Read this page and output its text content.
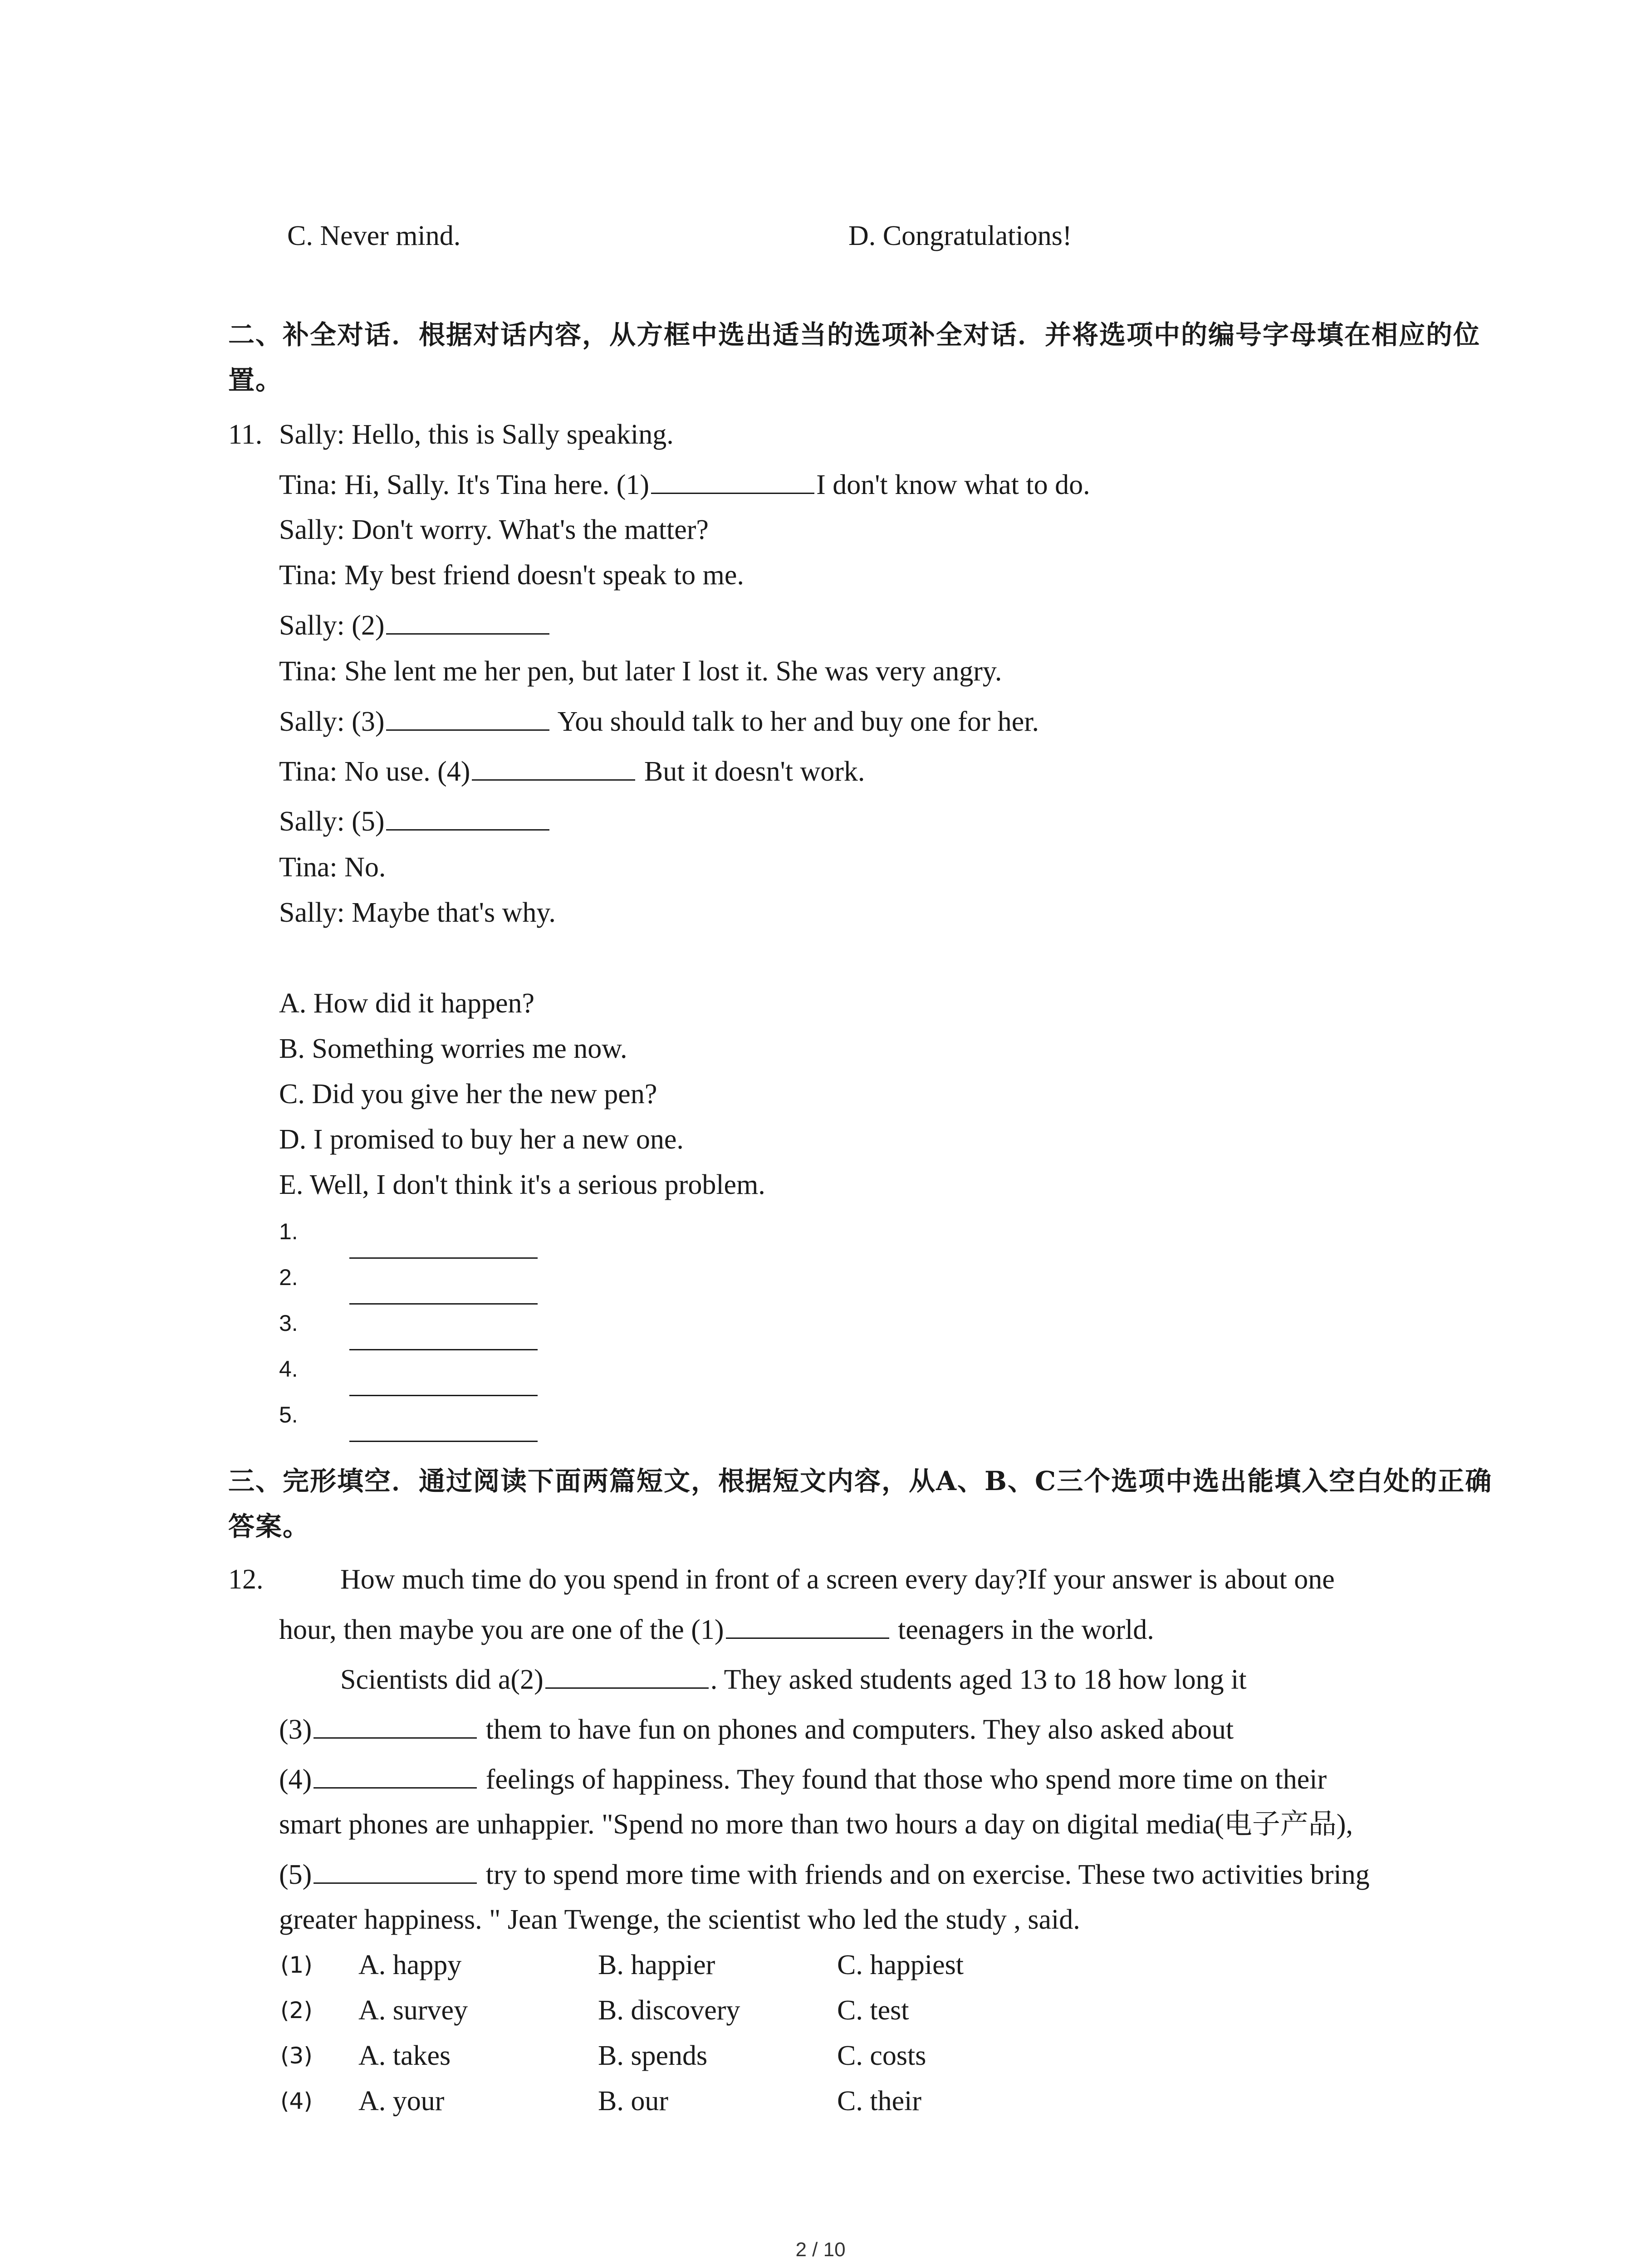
C. Never mind.	D. Congratulations!
二、补全对话．根据对话内容，从方框中选出适当的选项补全对话．并将选项中的编号字母填在相应的位置。
11. Sally: Hello, this is Sally speaking.
Tina: Hi, Sally. It's Tina here. (1)	I don't know what to do.
Sally: Don't worry. What's the matter?
Tina: My best friend doesn't speak to me.
Sally: (2)
Tina: She lent me her pen, but later I lost it. She was very angry.
Sally: (3)	You should talk to her and buy one for her.
Tina: No use. (4)	But it doesn't work.
Sally: (5)
Tina: No.
Sally: Maybe that's why.
A. How did it happen?
B. Something worries me now.
C. Did you give her the new pen?
D. I promised to buy her a new one.
E. Well, I don't think it's a serious problem.
1.
2.
3.
4.
5.
三、完形填空．通过阅读下面两篇短文，根据短文内容，从A、B、C三个选项中选出能填入空白处的正确答案。
12.	How much time do you spend in front of a screen every day?If your answer is about one
hour, then maybe you are one of the (1)	teenagers in the world.
Scientists did a(2)	. They asked students aged 13 to 18 how long it
(3)	them to have fun on phones and computers. They also asked about
(4)	feelings of happiness. They found that those who spend more time on their
smart phones are unhappier. "Spend no more than two hours a day on digital media(电子产品),
(5)	try to spend more time with friends and on exercise. These two activities bring
greater happiness. " Jean Twenge, the scientist who led the study , said.
(1) A. happy	B. happier	C. happiest
(2) A. survey	B. discovery	C. test
(3) A. takes	B. spends	C. costs
(4) A. your	B. our	C. their
2 / 10
